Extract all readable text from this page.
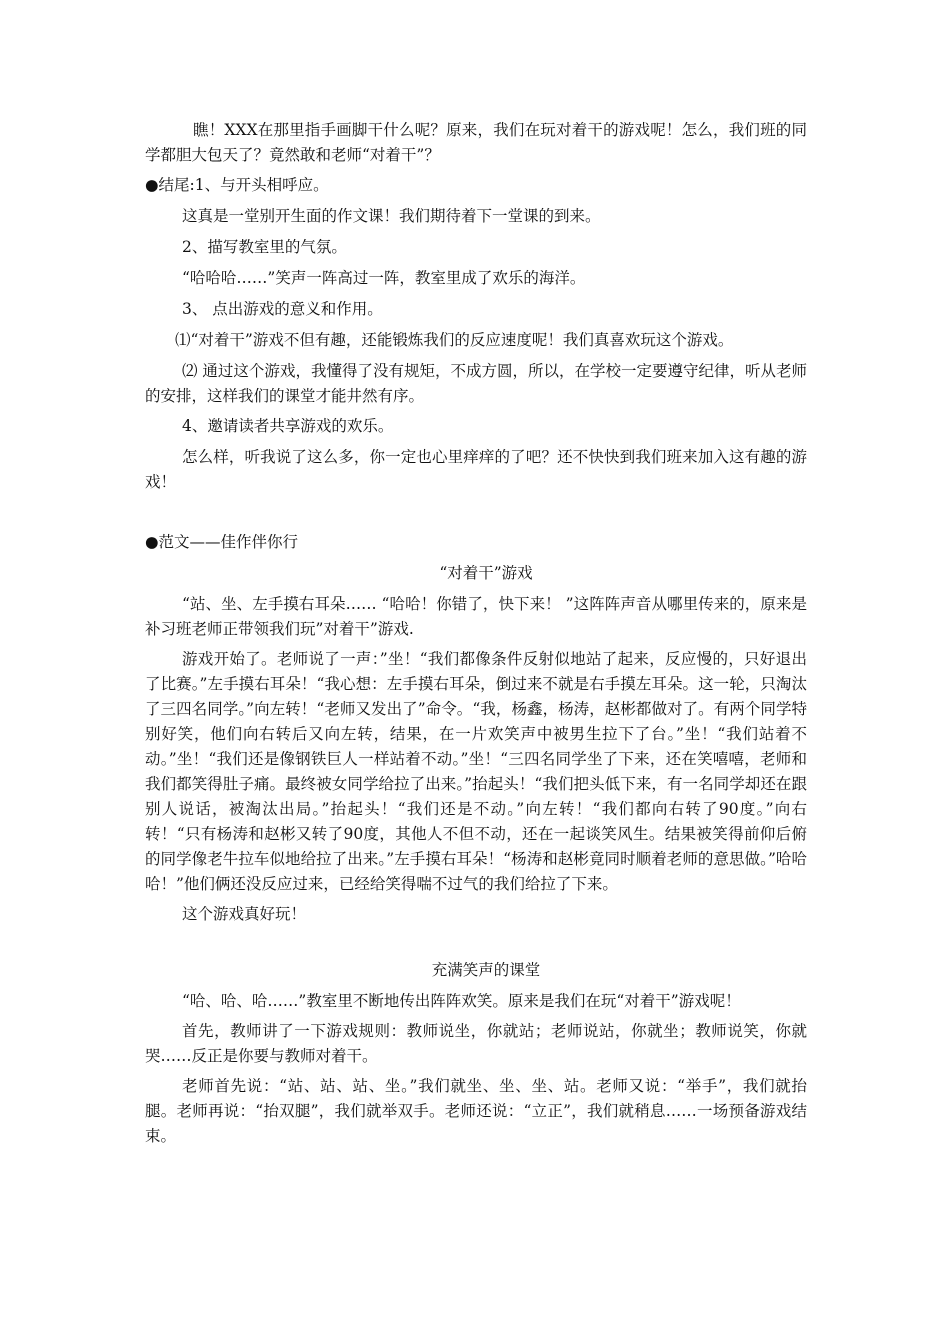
瞧！XXX在那里指手画脚干什么呢？原来，我们在玩对着干的游戏呢！怎么，我们班的同学都胆大包天了？竟然敢和老师“对着干”？

●结尾:1、与开头相呼应。

这真是一堂别开生面的作文课！我们期待着下一堂课的到来。

2、描写教室里的气氛。

“哈哈哈……”笑声一阵高过一阵，教室里成了欢乐的海洋。

3、 点出游戏的意义和作用。

⑴“对着干”游戏不但有趣，还能锻炼我们的反应速度呢！我们真喜欢玩这个游戏。

⑵ 通过这个游戏，我懂得了没有规矩，不成方圆，所以，在学校一定要遵守纪律，听从老师的安排，这样我们的课堂才能井然有序。

4、邀请读者共享游戏的欢乐。

怎么样，听我说了这么多，你一定也心里痒痒的了吧？还不快快到我们班来加入这有趣的游戏！

●范文——佳作伴你行

“对着干”游戏

“站、坐、左手摸右耳朵…… “哈哈！你错了，快下来！ ”这阵阵声音从哪里传来的，原来是补习班老师正带领我们玩”对着干”游戏.

游戏开始了。老师说了一声：”坐！“我们都像条件反射似地站了起来，反应慢的，只好退出了比赛。”左手摸右耳朵！“我心想：左手摸右耳朵，倒过来不就是右手摸左耳朵。这一轮，只淘汰了三四名同学。”向左转！“老师又发出了”命令。“我，杨鑫，杨涛，赵彬都做对了。有两个同学特别好笑，他们向右转后又向左转，结果，在一片欢笑声中被男生拉下了台。”坐！“我们站着不动。”坐！“我们还是像钢铁巨人一样站着不动。”坐！“三四名同学坐了下来，还在笑嘻嘻，老师和我们都笑得肚子痛。最终被女同学给拉了出来。”抬起头！“我们把头低下来，有一名同学却还在跟别人说话，被淘汰出局。”抬起头！“我们还是不动。”向左转！“我们都向右转了90度。”向右转！“只有杨涛和赵彬又转了90度，其他人不但不动，还在一起谈笑风生。结果被笑得前仰后俯的同学像老牛拉车似地给拉了出来。”左手摸右耳朵！“杨涛和赵彬竟同时顺着老师的意思做。”哈哈哈！”他们俩还没反应过来，已经给笑得喘不过气的我们给拉了下来。

这个游戏真好玩！

充满笑声的课堂

“哈、哈、哈……”教室里不断地传出阵阵欢笑。原来是我们在玩“对着干”游戏呢！

首先，教师讲了一下游戏规则：教师说坐，你就站；老师说站，你就坐；教师说笑，你就哭……反正是你要与教师对着干。

老师首先说：“站、站、站、坐。”我们就坐、坐、坐、站。老师又说：“举手”，我们就抬腿。老师再说：“抬双腿”，我们就举双手。老师还说：“立正”，我们就稍息……一场预备游戏结束。
